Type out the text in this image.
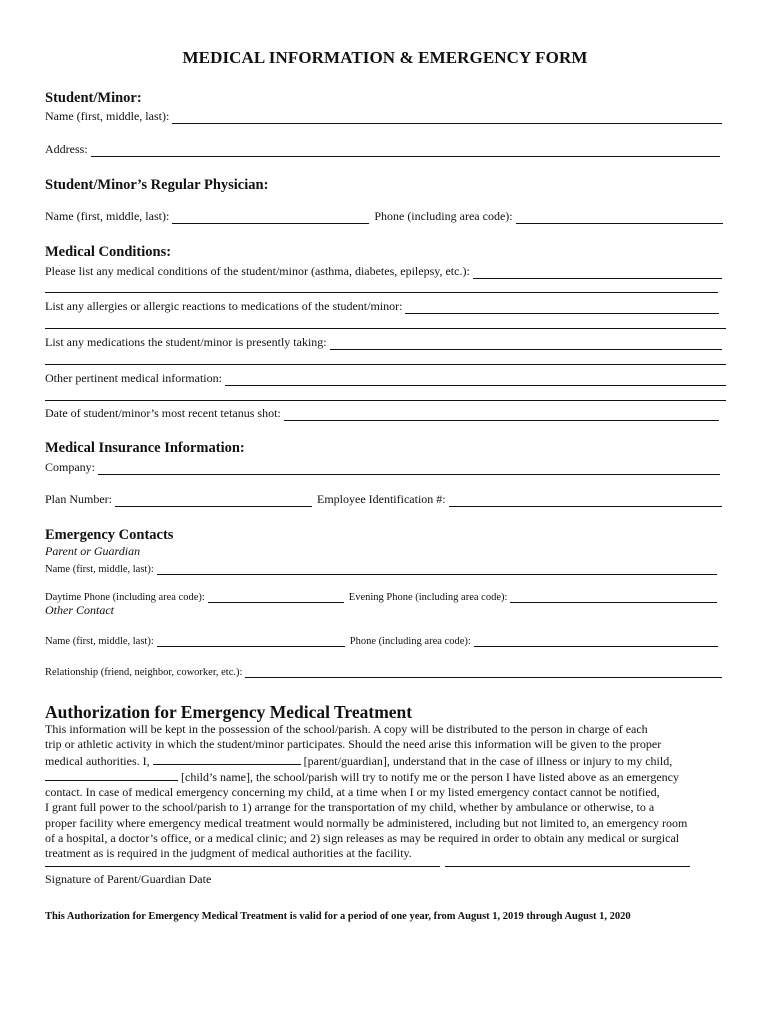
MEDICAL INFORMATION & EMERGENCY FORM
Student/Minor:
Name (first, middle, last):
Address:
Student/Minor’s Regular Physician:
Name (first, middle, last):	Phone (including area code):
Medical Conditions:
Please list any medical conditions of the student/minor (asthma, diabetes, epilepsy, etc.):
List any allergies or allergic reactions to medications of the student/minor:
List any medications the student/minor is presently taking:
Other pertinent medical information:
Date of student/minor’s most recent tetanus shot:
Medical Insurance Information:
Company:
Plan Number:	Employee Identification #:
Emergency Contacts
Parent or Guardian
Name (first, middle, last):
Daytime Phone (including area code):	Evening Phone (including area code):
Other Contact
Name (first, middle, last):	Phone (including area code):
Relationship (friend, neighbor, coworker, etc.):
Authorization for Emergency Medical Treatment
This information will be kept in the possession of the school/parish. A copy will be distributed to the person in charge of each
trip or athletic activity in which the student/minor participates. Should the need arise this information will be given to the proper
medical authorities. I,	[parent/guardian], understand that in the case of illness or injury to my child,
[child’s name], the school/parish will try to notify me or the person I have listed above as an emergency
contact. In case of medical emergency concerning my child, at a time when I or my listed emergency contact cannot be notified,
I grant full power to the school/parish to 1) arrange for the transportation of my child, whether by ambulance or otherwise, to a
proper facility where emergency medical treatment would normally be administered, including but not limited to, an emergency room
of a hospital, a doctor’s office, or a medical clinic; and 2) sign releases as may be required in order to obtain any medical or surgical
treatment as is required in the judgment of medical authorities at the facility.
Signature of Parent/Guardian Date
This Authorization for Emergency Medical Treatment is valid for a period of one year, from August 1, 2019 through August 1, 2020
